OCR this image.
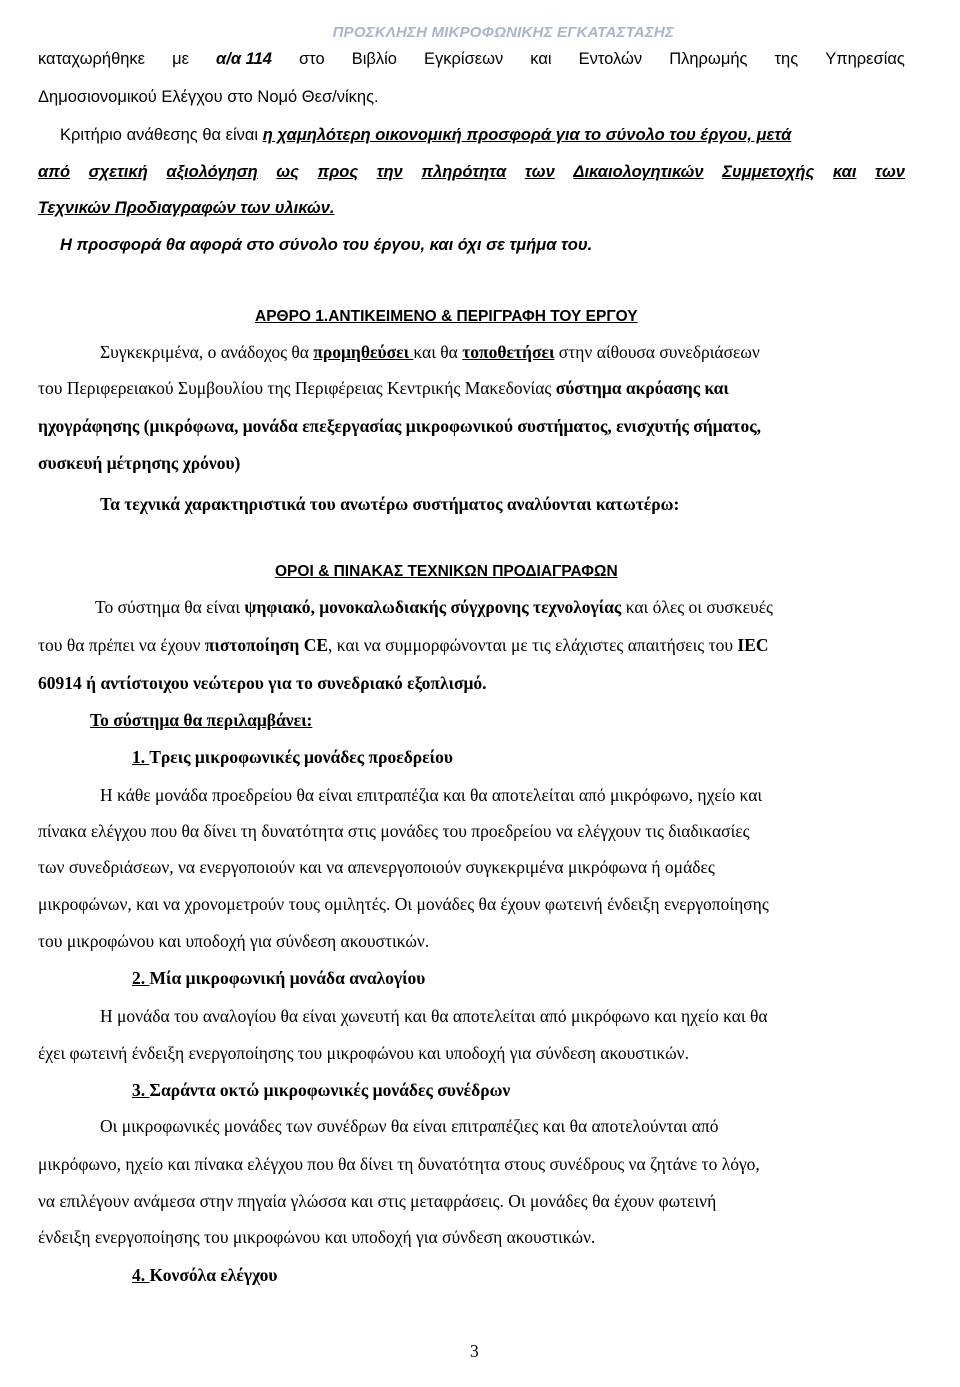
ΠΡΟΣΚΛΗΣΗ ΜΙΚΡΟΦΩΝΙΚΗΣ ΕΓΚΑΤΑΣΤΑΣΗΣ
καταχωρήθηκε με α/α 114 στο Βιβλίο Εγκρίσεων και Εντολών Πληρωμής της Υπηρεσίας
Δημοσιονομικού Ελέγχου στο Νομό Θεσ/νίκης.
Κριτήριο ανάθεσης θα είναι η χαμηλότερη οικονομική προσφορά για το σύνολο του έργου, μετά
από σχετική αξιολόγηση ως προς την πληρότητα των Δικαιολογητικών Συμμετοχής και των
Τεχνικών Προδιαγραφών των υλικών.
Η προσφορά θα αφορά στο σύνολο του έργου, και όχι σε τμήμα του.
ΑΡΘΡΟ 1.ΑΝΤΙΚΕΙΜΕΝΟ & ΠΕΡΙΓΡΑΦΗ ΤΟΥ ΕΡΓΟΥ
Συγκεκριμένα, ο ανάδοχος θα προμηθεύσει και θα τοποθετήσει στην αίθουσα συνεδριάσεων
του Περιφερειακού Συμβουλίου της Περιφέρειας Κεντρικής Μακεδονίας σύστημα ακρόασης και
ηχογράφησης (μικρόφωνα, μονάδα επεξεργασίας μικροφωνικού συστήματος, ενισχυτής σήματος,
συσκευή μέτρησης χρόνου)
Τα τεχνικά χαρακτηριστικά του ανωτέρω συστήματος αναλύονται κατωτέρω:
ΟΡΟΙ & ΠΙΝΑΚΑΣ ΤΕΧΝΙΚΩΝ ΠΡΟΔΙΑΓΡΑΦΩΝ
Το σύστημα θα είναι ψηφιακό, μονοκαλωδιακής σύγχρονης τεχνολογίας και όλες οι συσκευές
του θα πρέπει να έχουν πιστοποίηση CE, και να συμμορφώνονται με τις ελάχιστες απαιτήσεις του IEC
60914 ή αντίστοιχου νεώτερου για το συνεδριακό εξοπλισμό.
Το σύστημα θα περιλαμβάνει:
1. Τρεις μικροφωνικές μονάδες προεδρείου
Η κάθε μονάδα προεδρείου θα είναι επιτραπέζια και θα αποτελείται από μικρόφωνο, ηχείο και
πίνακα ελέγχου που θα δίνει τη δυνατότητα στις μονάδες του προεδρείου να ελέγχουν τις διαδικασίες
των συνεδριάσεων, να ενεργοποιούν και να απενεργοποιούν συγκεκριμένα μικρόφωνα ή ομάδες
μικροφώνων, και να χρονομετρούν τους ομιλητές. Οι μονάδες θα έχουν φωτεινή ένδειξη ενεργοποίησης
του μικροφώνου και υποδοχή για σύνδεση ακουστικών.
2. Μία μικροφωνική μονάδα αναλογίου
Η μονάδα του αναλογίου θα είναι χωνευτή και θα αποτελείται από μικρόφωνο και ηχείο και θα
έχει φωτεινή ένδειξη ενεργοποίησης του μικροφώνου και υποδοχή για σύνδεση ακουστικών.
3. Σαράντα οκτώ μικροφωνικές μονάδες συνέδρων
Οι μικροφωνικές μονάδες των συνέδρων θα είναι επιτραπέζιες και θα αποτελούνται από
μικρόφωνο, ηχείο και πίνακα ελέγχου που θα δίνει τη δυνατότητα στους συνέδρους να ζητάνε το λόγο,
να επιλέγουν ανάμεσα στην πηγαία γλώσσα και στις μεταφράσεις. Οι μονάδες θα έχουν φωτεινή
ένδειξη ενεργοποίησης του μικροφώνου και υποδοχή για σύνδεση ακουστικών.
4. Κονσόλα ελέγχου
3
